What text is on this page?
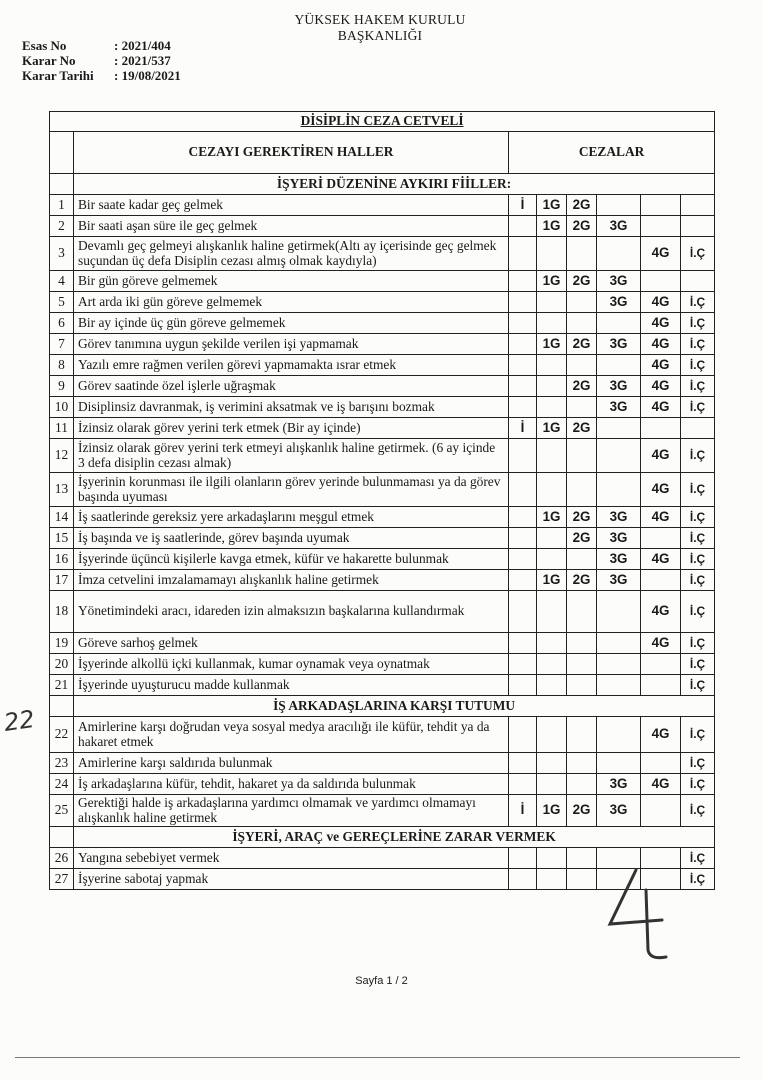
YÜKSEK HAKEM KURULU
BAŞKANLIĞI
Esas No	: 2021/404
Karar No	: 2021/537
Karar Tarihi	: 19/08/2021
DİSİPLİN CEZA CETVELİ							
	CEZAYI GEREKTİREN HALLER	CEZALAR					
	İŞYERİ DÜZENİNE AYKIRI FİİLLER:						
1	Bir saate kadar geç gelmek	İ	1G	2G			
2	Bir saati aşan süre ile geç gelmek		1G	2G	3G		
3	Devamlı geç gelmeyi alışkanlık haline getirmek(Altı ay içerisinde geç gelmek suçundan üç defa Disiplin cezası almış olmak kaydıyla)					4G	İ.Ç
4	Bir gün göreve gelmemek		1G	2G	3G		
5	Art arda iki gün göreve gelmemek				3G	4G	İ.Ç
6	Bir ay içinde üç gün göreve gelmemek					4G	İ.Ç
7	Görev tanımına uygun şekilde verilen işi yapmamak		1G	2G	3G	4G	İ.Ç
8	Yazılı emre rağmen verilen görevi yapmamakta ısrar etmek					4G	İ.Ç
9	Görev saatinde özel işlerle uğraşmak			2G	3G	4G	İ.Ç
10	Disiplinsiz davranmak, iş verimini aksatmak ve iş barışını bozmak				3G	4G	İ.Ç
11	İzinsiz olarak görev yerini terk etmek (Bir ay içinde)	İ	1G	2G			
12	İzinsiz olarak görev yerini terk etmeyi alışkanlık haline getirmek. (6 ay içinde 3 defa disiplin cezası almak)					4G	İ.Ç
13	İşyerinin korunması ile ilgili olanların görev yerinde bulunmaması ya da görev başında uyuması					4G	İ.Ç
14	İş saatlerinde gereksiz yere arkadaşlarını meşgul etmek		1G	2G	3G	4G	İ.Ç
15	İş başında ve iş saatlerinde, görev başında uyumak			2G	3G		İ.Ç
16	İşyerinde üçüncü kişilerle kavga etmek, küfür ve hakarette bulunmak				3G	4G	İ.Ç
17	İmza cetvelini imzalamamayı alışkanlık haline getirmek		1G	2G	3G		İ.Ç
18	Yönetimindeki aracı, idareden izin almaksızın başkalarına kullandırmak					4G	İ.Ç
19	Göreve sarhoş gelmek					4G	İ.Ç
20	İşyerinde alkollü içki kullanmak, kumar oynamak veya oynatmak						İ.Ç
21	İşyerinde uyuşturucu madde kullanmak						İ.Ç
	İŞ ARKADAŞLARINA KARŞI TUTUMU						
22	Amirlerine karşı doğrudan veya sosyal medya aracılığı ile küfür, tehdit ya da hakaret etmek					4G	İ.Ç
23	Amirlerine karşı saldırıda bulunmak						İ.Ç
24	İş arkadaşlarına küfür, tehdit, hakaret ya da saldırıda bulunmak				3G	4G	İ.Ç
25	Gerektiği halde iş arkadaşlarına yardımcı olmamak ve yardımcı olmamayı alışkanlık haline getirmek	İ	1G	2G	3G		İ.Ç
	İŞYERİ, ARAÇ ve GEREÇLERİNE ZARAR VERMEK						
26	Yangına sebebiyet vermek						İ.Ç
27	İşyerine sabotaj yapmak						İ.Ç
Sayfa 1 / 2
22
